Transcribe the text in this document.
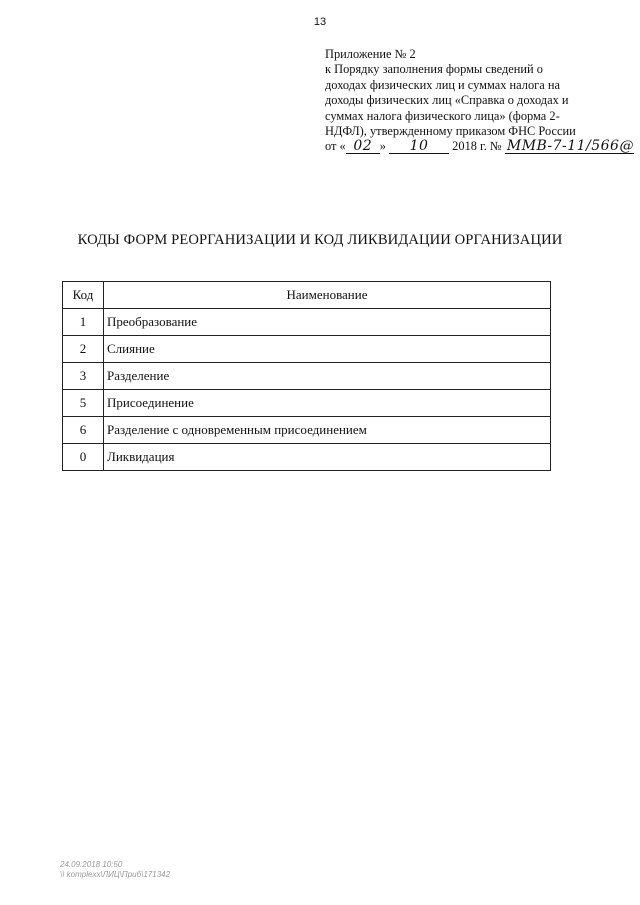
13
Приложение № 2
к Порядку заполнения формы сведений о
доходах физических лиц и суммах налога на
доходы физических лиц «Справка о доходах и
суммах налога физического лица» (форма 2-
НДФЛ), утвержденному приказом ФНС России
от « 02 » 10 2018 г. № ММВ-7-11/566@
КОДЫ ФОРМ РЕОРГАНИЗАЦИИ И КОД ЛИКВИДАЦИИ ОРГАНИЗАЦИИ
Код	Наименование
1	Преобразование
2	Слияние
3	Разделение
5	Присоединение
6	Разделение с одновременным присоединением
0	Ликвидация
24.09.2018 10:50
\\ komplexx\ЛИЦ\Приб\171342
